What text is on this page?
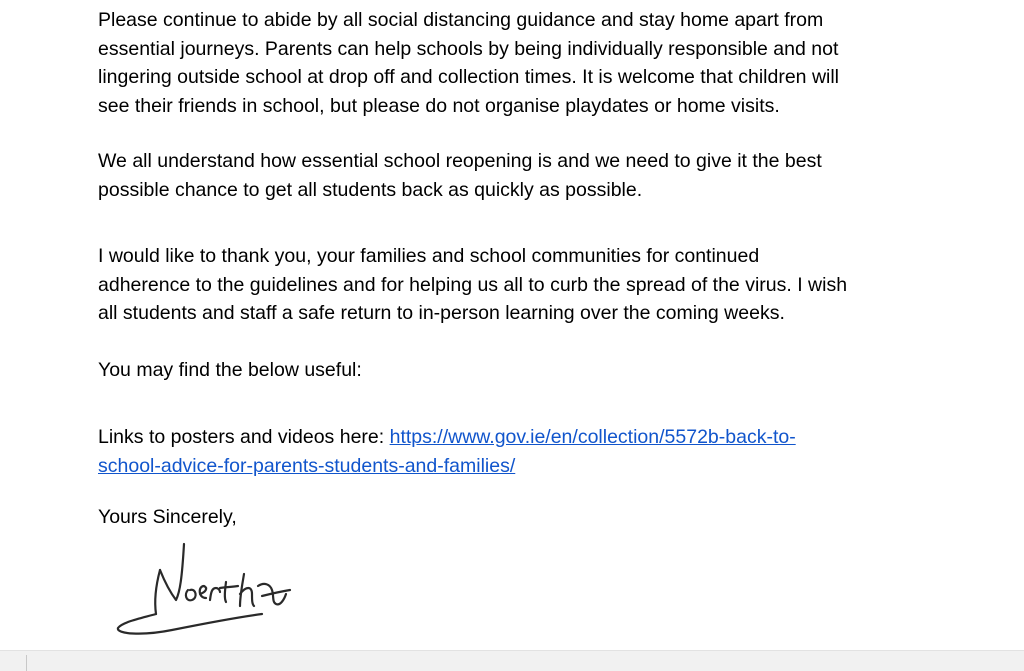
Please continue to abide by all social distancing guidance and stay home apart from
essential journeys. Parents can help schools by being individually responsible and not
lingering outside school at drop off and collection times. It is welcome that children will
see their friends in school, but please do not organise playdates or home visits.

We all understand how essential school reopening is and we need to give it the best
possible chance to get all students back as quickly as possible.

I would like to thank you, your families and school communities for continued
adherence to the guidelines and for helping us all to curb the spread of the virus. I wish
all students and staff a safe return to in-person learning over the coming weeks.

You may find the below useful:

Links to posters and videos here: https://www.gov.ie/en/collection/5572b-back-to-
school-advice-for-parents-students-and-families/

Yours Sincerely,
